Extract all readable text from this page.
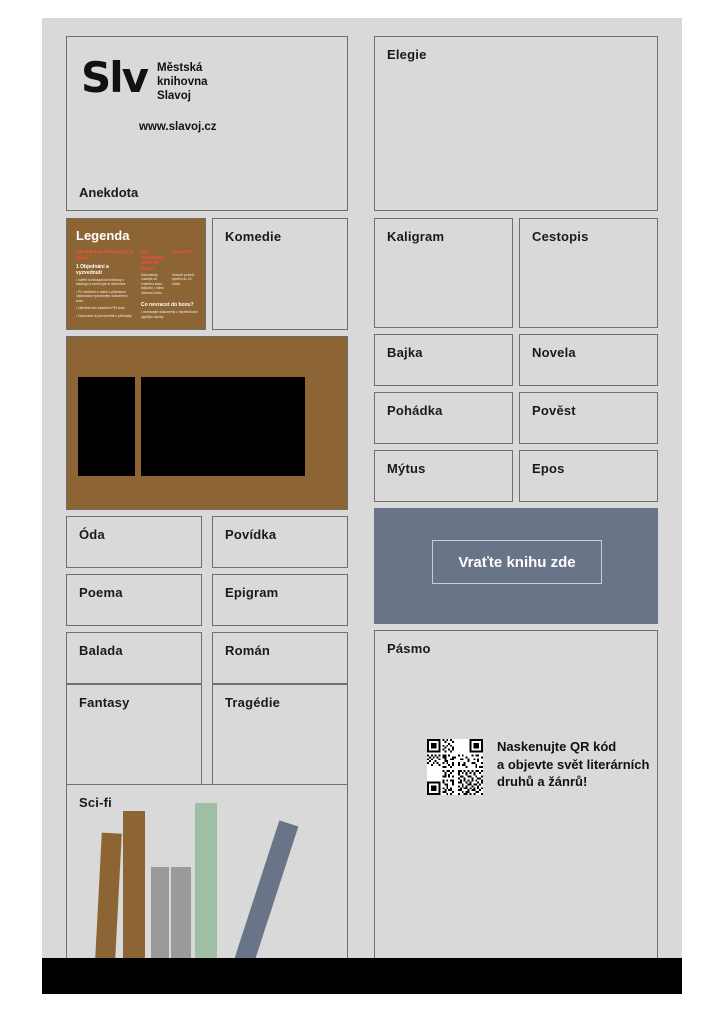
Slv Městská
knihovna
Slavoj
www.slavoj.cz
Anekdota
Legenda
Jak objednat dokumenty do boxu?
1 Objednání a vyzvednutí
• ověřte si dostupnost knihovny v katalogu a rezervujte si dokument
• Po obdržení e-mailu o připravení objednávky vyzvedněte dokument v boxu
• Otevřete box zadáním PIN kódu
• Dokument si převezměte z přihrádky
Jak dokumenty vrátit do boxu?
vracet do
Dokumenty vracejte do vratného boxu kdykoliv, i mimo otevírací dobu.
Vrácení potvrdí systém do 24 hodin.
Co nevracet do boxu?
• nevracejte dokumenty z meziknihovní výpůjční služby
Komedie
Óda	Povídka
Poema	Epigram
Balada	Román
Fantasy	Tragédie
Sci-fi
Elegie
Kaligram	Cestopis
Bajka	Novela
Pohádka	Pověst
Mýtus	Epos
Vraťte knihu zde
Pásmo
Naskenujte QR kód
a objevte svět literárních
druhů a žánrů!
